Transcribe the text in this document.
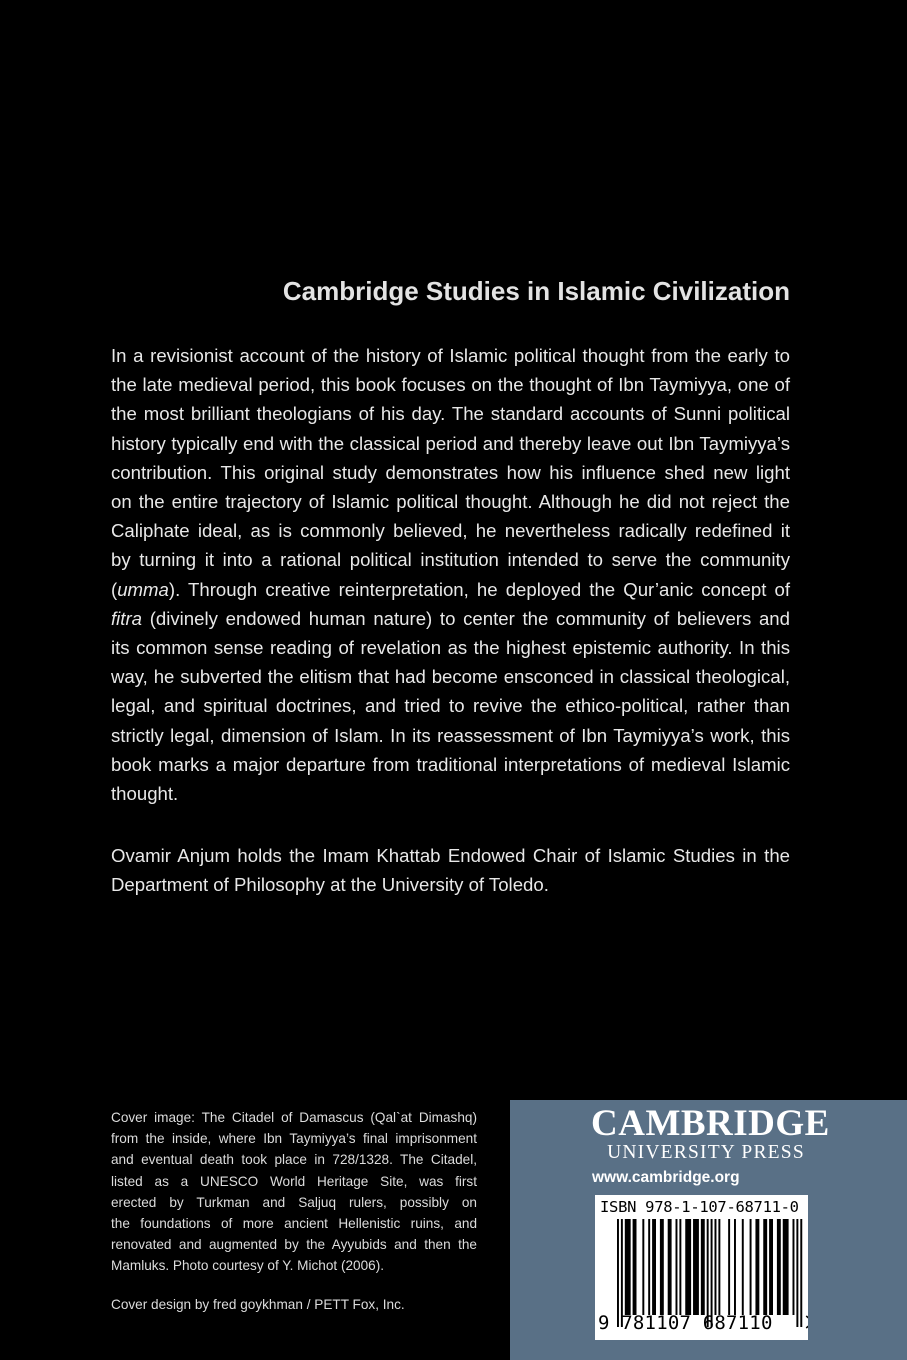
Cambridge Studies in Islamic Civilization

In a revisionist account of the history of Islamic political thought from the early to
the late medieval period, this book focuses on the thought of Ibn Taymiyya, one of
the most brilliant theologians of his day. The standard accounts of Sunni political
history typically end with the classical period and thereby leave out Ibn Taymiyya’s
contribution. This original study demonstrates how his influence shed new light
on the entire trajectory of Islamic political thought. Although he did not reject the
Caliphate ideal, as is commonly believed, he nevertheless radically redefined it
by turning it into a rational political institution intended to serve the community
(umma). Through creative reinterpretation, he deployed the Qur’anic concept of
fitra (divinely endowed human nature) to center the community of believers and
its common sense reading of revelation as the highest epistemic authority. In this
way, he subverted the elitism that had become ensconced in classical theological,
legal, and spiritual doctrines, and tried to revive the ethico-political, rather than
strictly legal, dimension of Islam. In its reassessment of Ibn Taymiyya’s work, this
book marks a major departure from traditional interpretations of medieval Islamic
thought.

Ovamir Anjum holds the Imam Khattab Endowed Chair of Islamic Studies in the Department of Philosophy at the University of Toledo.

Cover image: The Citadel of Damascus (Qal`at Dimashq)
from the inside, where Ibn Taymiyya’s final imprisonment
and eventual death took place in 728/1328. The Citadel,
listed as a UNESCO World Heritage Site, was first
erected by Turkman and Saljuq rulers, possibly on
the foundations of more ancient Hellenistic ruins, and
renovated and augmented by the Ayyubids and then the
Mamluks. Photo courtesy of Y. Michot (2006).

Cover design by fred goykhman / PETT Fox, Inc.

CAMBRIDGE
UNIVERSITY PRESS
www.cambridge.org
ISBN 978-1-107-68711-0
9 781107 687110
